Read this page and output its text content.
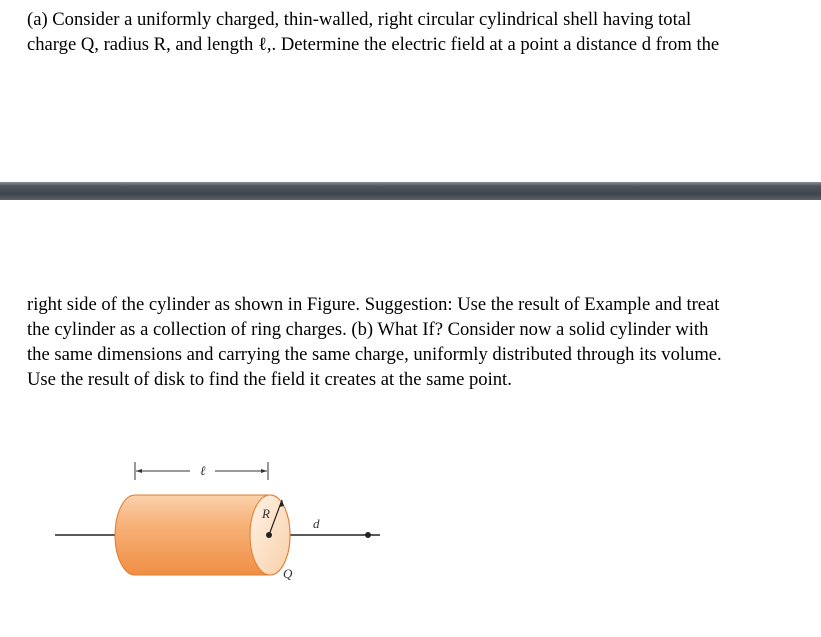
(a) Consider a uniformly charged, thin-walled, right circular cylindrical shell having total
charge Q, radius R, and length ℓ,. Determine the electric field at a point a distance d from the
right side of the cylinder as shown in Figure. Suggestion: Use the result of Example and treat
the cylinder as a collection of ring charges. (b) What If? Consider now a solid cylinder with
the same dimensions and carrying the same charge, uniformly distributed through its volume.
Use the result of disk to find the field it creates at the same point.
ℓ
R
d
Q
